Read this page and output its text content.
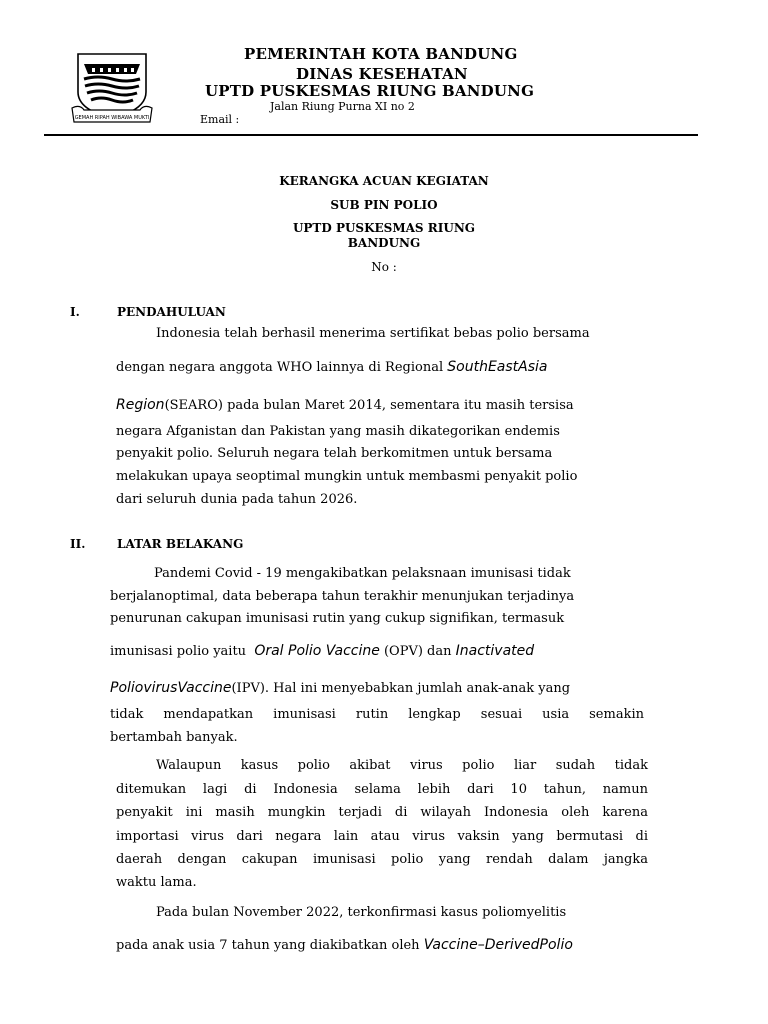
GEMAH RIPAH WIBAWA MUKTI
PEMERINTAH KOTA BANDUNG
DINAS KESEHATAN
UPTD PUSKESMAS RIUNG BANDUNG
Jalan Riung Purna XI no 2
Email :
KERANGKA ACUAN KEGIATAN
SUB PIN POLIO
UPTD PUSKESMAS RIUNG
BANDUNG
No :
I.	PENDAHULUAN
Indonesia telah berhasil menerima sertifikat bebas polio bersama
dengan negara anggota WHO lainnya di Regional SouthEastAsia
Region(SEARO) pada bulan Maret 2014, sementara itu masih tersisa
negara Afganistan dan Pakistan yang masih dikategorikan endemis
penyakit polio. Seluruh negara telah berkomitmen untuk bersama
melakukan upaya seoptimal mungkin untuk membasmi penyakit polio
dari seluruh dunia pada tahun 2026.
II.	LATAR BELAKANG
Pandemi Covid - 19 mengakibatkan pelaksnaan imunisasi tidak
berjalanoptimal, data beberapa tahun terakhir menunjukan terjadinya
penurunan cakupan imunisasi rutin yang cukup signifikan, termasuk
imunisasi polio yaitu Oral Polio Vaccine (OPV) dan Inactivated
PoliovirusVaccine(IPV). Hal ini menyebabkan jumlah anak-anak yang
tidak mendapatkan imunisasi rutin lengkap sesuai usia semakin
bertambah banyak.
Walaupun kasus polio akibat virus polio liar sudah tidak
ditemukan lagi di Indonesia selama lebih dari 10 tahun, namun
penyakit ini masih mungkin terjadi di wilayah Indonesia oleh karena
importasi virus dari negara lain atau virus vaksin yang bermutasi di
daerah dengan cakupan imunisasi polio yang rendah dalam jangka
waktu lama.
Pada bulan November 2022, terkonfirmasi kasus poliomyelitis
pada anak usia 7 tahun yang diakibatkan oleh Vaccine–DerivedPolio
